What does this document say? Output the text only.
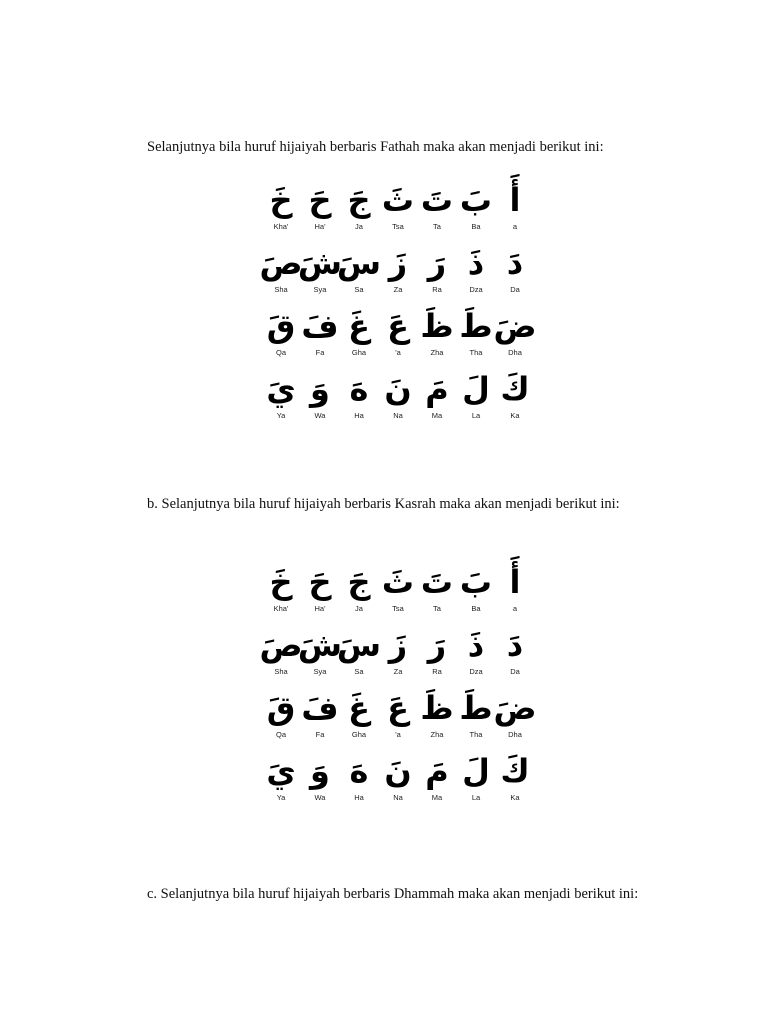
Selanjutnya bila huruf hijaiyah berbaris Fathah maka akan menjadi berikut ini:

أَ
a
بَ
Ba
تَ
Ta
ثَ
Tsa
جَ
Ja
حَ
Ha'
خَ
Kha'
دَ
Da
ذَ
Dza
رَ
Ra
زَ
Za
سَ
Sa
شَ
Sya
صَ
Sha
ضَ
Dha
طَ
Tha
ظَ
Zha
عَ
'a
غَ
Gha
فَ
Fa
قَ
Qa
كَ
Ka
لَ
La
مَ
Ma
نَ
Na
هَ
Ha
وَ
Wa
يَ
Ya

b. Selanjutnya bila huruf hijaiyah berbaris Kasrah maka akan menjadi berikut ini:

أَ
a
بَ
Ba
تَ
Ta
ثَ
Tsa
جَ
Ja
حَ
Ha'
خَ
Kha'
دَ
Da
ذَ
Dza
رَ
Ra
زَ
Za
سَ
Sa
شَ
Sya
صَ
Sha
ضَ
Dha
طَ
Tha
ظَ
Zha
عَ
'a
غَ
Gha
فَ
Fa
قَ
Qa
كَ
Ka
لَ
La
مَ
Ma
نَ
Na
هَ
Ha
وَ
Wa
يَ
Ya

c. Selanjutnya bila huruf hijaiyah berbaris Dhammah maka akan menjadi berikut ini:
